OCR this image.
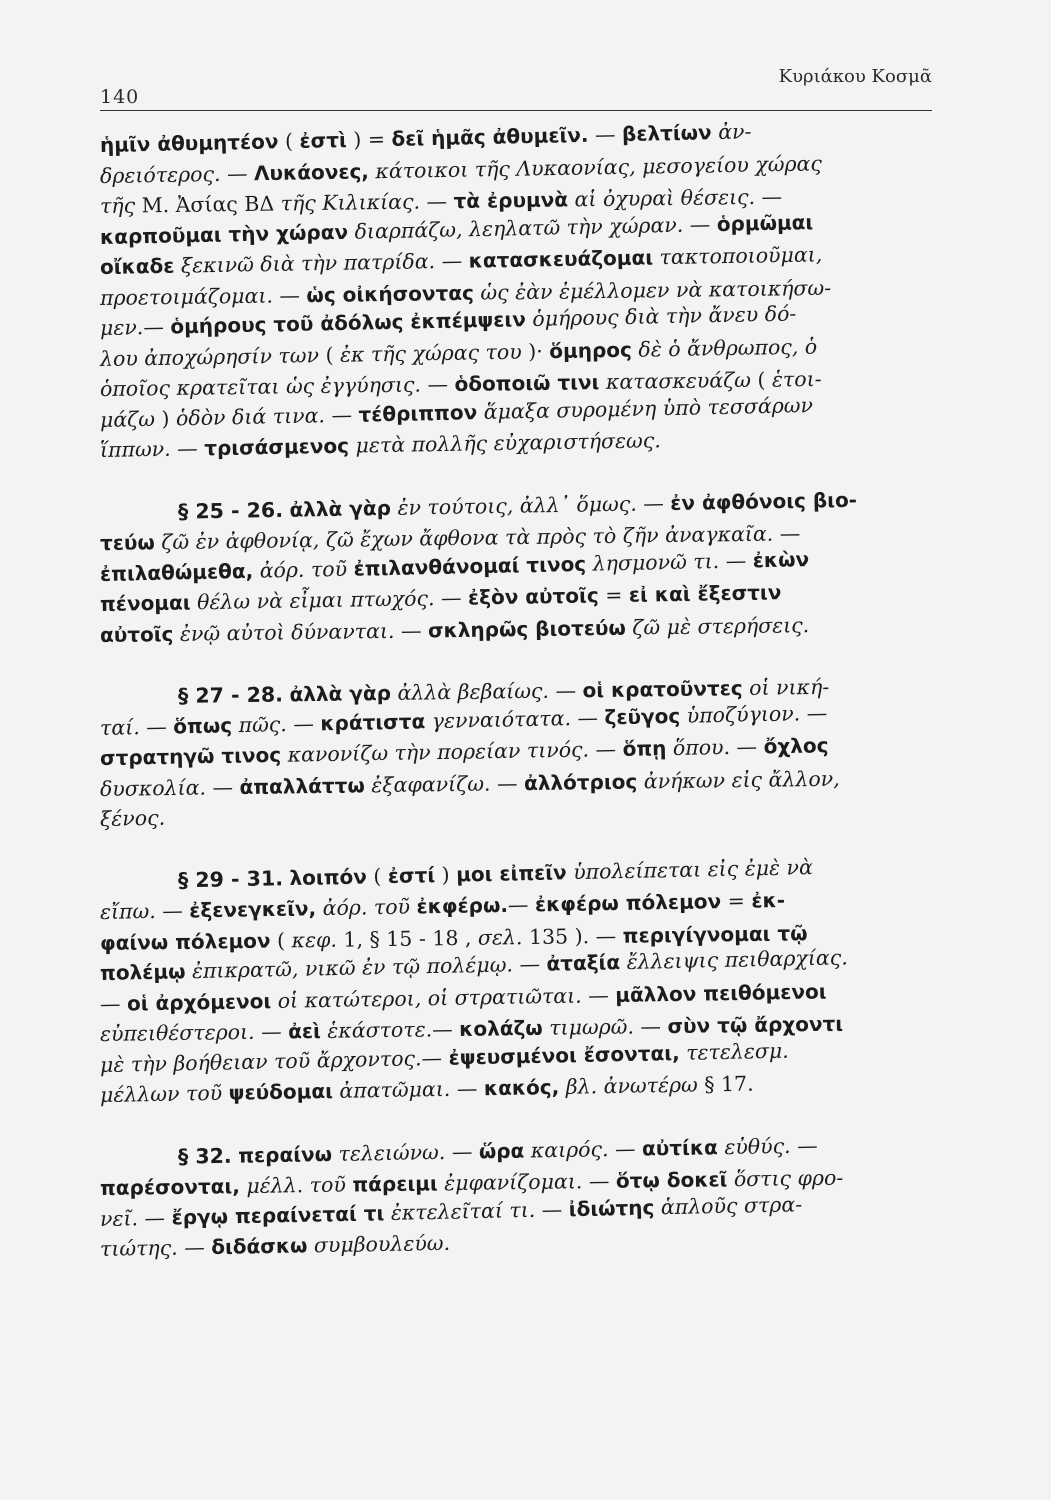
140
Κυριάκου Κοσμᾶ
ἡμῖν ἀθυμητέον ( ἐστὶ ) = δεῖ ἡμᾶς ἀθυμεῖν. — βελτίων ἀν-
δρειότερος. — Λυκάονες, κάτοικοι τῆς Λυκαονίας, μεσογείου χώρας
τῆς Μ. Ἀσίας ΒΔ τῆς Κιλικίας. — τὰ ἐρυμνὰ αἱ ὀχυραὶ θέσεις. —
καρποῦμαι τὴν χώραν διαρπάζω, λεηλατῶ τὴν χώραν. — ὁρμῶμαι
οἴκαδε ξεκινῶ διὰ τὴν πατρίδα. — κατασκευάζομαι τακτοποιοῦμαι,
προετοιμάζομαι. — ὡς οἰκήσοντας ὡς ἐὰν ἐμέλλομεν νὰ κατοικήσω-
μεν.— ὁμήρους τοῦ ἀδόλως ἐκπέμψειν ὁμήρους διὰ τὴν ἄνευ δό-
λου ἀποχώρησίν των ( ἐκ τῆς χώρας του )· ὅμηρος δὲ ὁ ἄνθρωπος, ὁ
ὁποῖος κρατεῖται ὡς ἐγγύησις. — ὁδοποιῶ τινι κατασκευάζω ( ἑτοι-
μάζω ) ὁδὸν διά τινα. — τέθριππον ἅμαξα συρομένη ὑπὸ τεσσάρων
ἵππων. — τρισάσμενος μετὰ πολλῆς εὐχαριστήσεως.
§ 25 - 26. ἀλλὰ γὰρ ἐν τούτοις, ἀλλ᾽ ὅμως. — ἐν ἀφθόνοις βιο-
τεύω ζῶ ἐν ἀφθονίᾳ, ζῶ ἔχων ἄφθονα τὰ πρὸς τὸ ζῆν ἀναγκαῖα. —
ἐπιλαθώμεθα, ἀόρ. τοῦ ἐπιλανθάνομαί τινος λησμονῶ τι. — ἐκὼν
πένομαι θέλω νὰ εἶμαι πτωχός. — ἐξὸν αὐτοῖς = εἰ καὶ ἔξεστιν
αὐτοῖς ἐνῷ αὐτοὶ δύνανται. — σκληρῶς βιοτεύω ζῶ μὲ στερήσεις.
§ 27 - 28. ἀλλὰ γὰρ ἀλλὰ βεβαίως. — οἱ κρατοῦντες οἱ νική-
ταί. — ὅπως πῶς. — κράτιστα γενναιότατα. — ζεῦγος ὑποζύγιον. —
στρατηγῶ τινος κανονίζω τὴν πορείαν τινός. — ὅπῃ ὅπου. — ὄχλος
δυσκολία. — ἀπαλλάττω ἐξαφανίζω. — ἀλλότριος ἀνήκων εἰς ἄλλον,
ξένος.
§ 29 - 31. λοιπόν ( ἐστί ) μοι εἰπεῖν ὑπολείπεται εἰς ἐμὲ νὰ
εἴπω. — ἐξενεγκεῖν, ἀόρ. τοῦ ἐκφέρω.— ἐκφέρω πόλεμον = ἐκ-
φαίνω πόλεμον ( κεφ. 1, § 15 - 18 , σελ. 135 ). — περιγίγνομαι τῷ
πολέμῳ ἐπικρατῶ, νικῶ ἐν τῷ πολέμῳ. — ἀταξία ἔλλειψις πειθαρχίας.
— οἱ ἀρχόμενοι οἱ κατώτεροι, οἱ στρατιῶται. — μᾶλλον πειθόμενοι
εὐπειθέστεροι. — ἀεὶ ἑκάστοτε.— κολάζω τιμωρῶ. — σὺν τῷ ἄρχοντι
μὲ τὴν βοήθειαν τοῦ ἄρχοντος.— ἐψευσμένοι ἔσονται, τετελεσμ.
μέλλων τοῦ ψεύδομαι ἀπατῶμαι. — κακός, βλ. ἀνωτέρω § 17.
§ 32. περαίνω τελειώνω. — ὥρα καιρός. — αὐτίκα εὐθύς. —
παρέσονται, μέλλ. τοῦ πάρειμι ἐμφανίζομαι. — ὅτῳ δοκεῖ ὅστις φρο-
νεῖ. — ἔργῳ περαίνεταί τι ἐκτελεῖταί τι. — ἰδιώτης ἁπλοῦς στρα-
τιώτης. — διδάσκω συμβουλεύω.
